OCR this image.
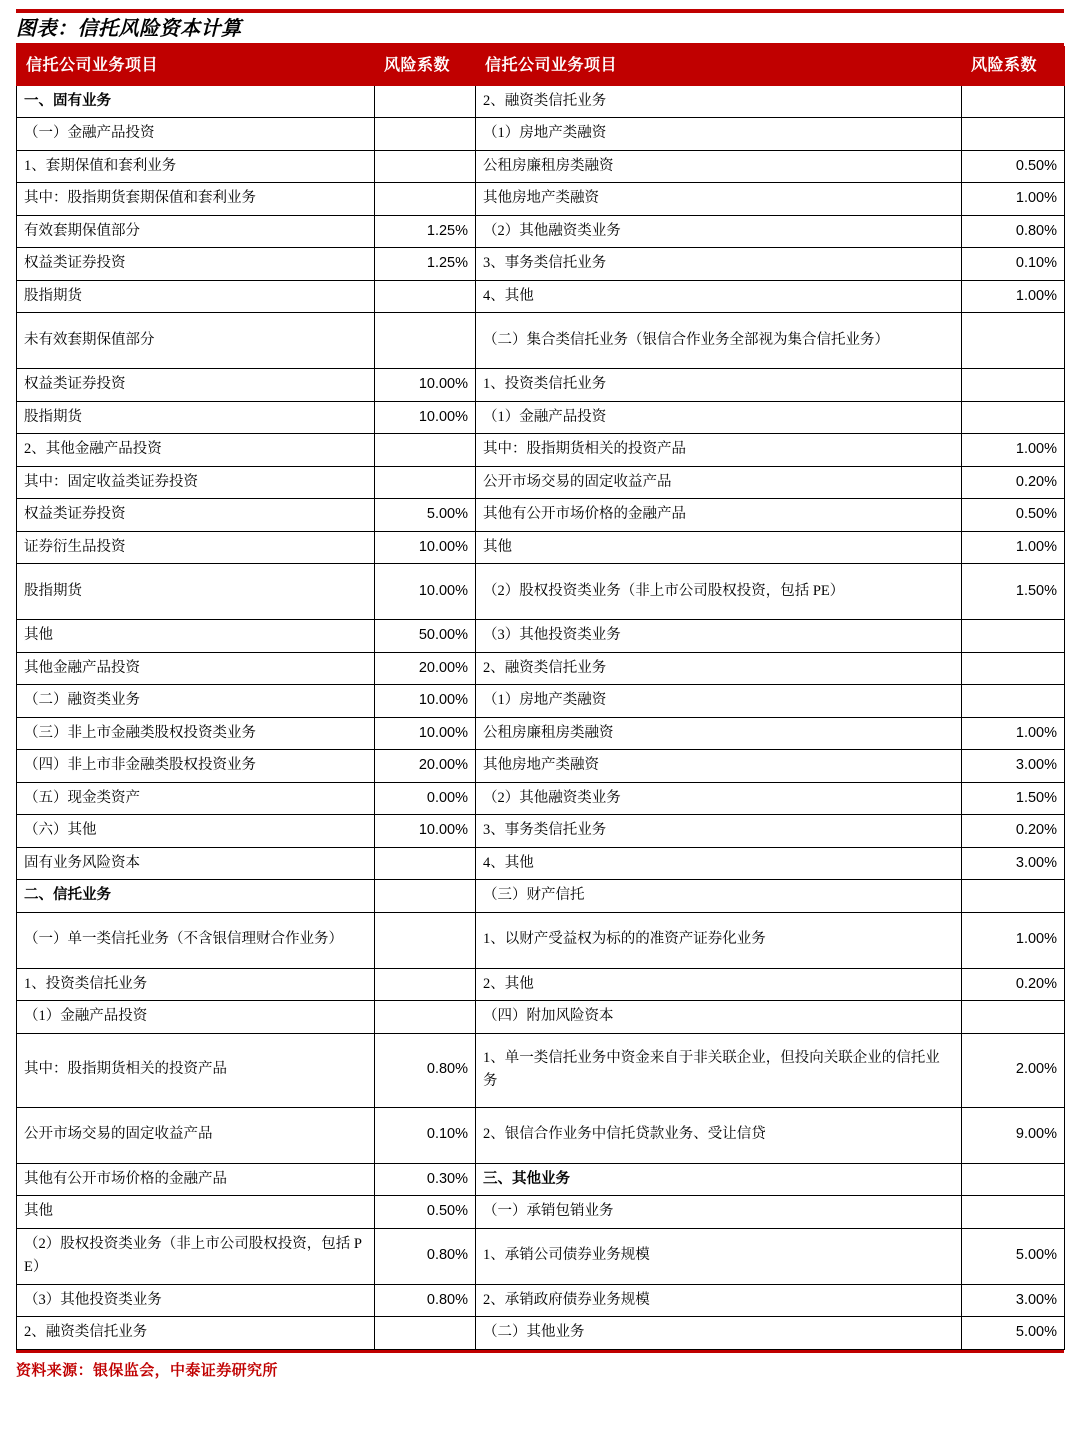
图表：信托风险资本计算
信托公司业务项目	风险系数	信托公司业务项目	风险系数
一、固有业务		2、融资类信托业务	
（一）金融产品投资		（1）房地产类融资	
1、套期保值和套利业务		公租房廉租房类融资	0.50%
其中：股指期货套期保值和套利业务		其他房地产类融资	1.00%
有效套期保值部分	1.25%	（2）其他融资类业务	0.80%
权益类证券投资	1.25%	3、事务类信托业务	0.10%
股指期货		4、其他	1.00%
未有效套期保值部分		（二）集合类信托业务（银信合作业务全部视为集合信托业务）	
权益类证券投资	10.00%	1、投资类信托业务	
股指期货	10.00%	（1）金融产品投资	
2、其他金融产品投资		其中：股指期货相关的投资产品	1.00%
其中：固定收益类证券投资		公开市场交易的固定收益产品	0.20%
权益类证券投资	5.00%	其他有公开市场价格的金融产品	0.50%
证券衍生品投资	10.00%	其他	1.00%
股指期货	10.00%	（2）股权投资类业务（非上市公司股权投资，包括 PE）	1.50%
其他	50.00%	（3）其他投资类业务	
其他金融产品投资	20.00%	2、融资类信托业务	
（二）融资类业务	10.00%	（1）房地产类融资	
（三）非上市金融类股权投资类业务	10.00%	公租房廉租房类融资	1.00%
（四）非上市非金融类股权投资业务	20.00%	其他房地产类融资	3.00%
（五）现金类资产	0.00%	（2）其他融资类业务	1.50%
（六）其他	10.00%	3、事务类信托业务	0.20%
固有业务风险资本		4、其他	3.00%
二、信托业务		（三）财产信托	
（一）单一类信托业务（不含银信理财合作业务）		1、以财产受益权为标的的准资产证券化业务	1.00%
1、投资类信托业务		2、其他	0.20%
（1）金融产品投资		（四）附加风险资本	
其中：股指期货相关的投资产品	0.80%	1、单一类信托业务中资金来自于非关联企业，但投向关联企业的信托业务	2.00%
公开市场交易的固定收益产品	0.10%	2、银信合作业务中信托贷款业务、受让信贷	9.00%
其他有公开市场价格的金融产品	0.30%	三、其他业务	
其他	0.50%	（一）承销包销业务	
（2）股权投资类业务（非上市公司股权投资，包括 PE）	0.80%	1、承销公司债券业务规模	5.00%
（3）其他投资类业务	0.80%	2、承销政府债券业务规模	3.00%
2、融资类信托业务		（二）其他业务	5.00%
资料来源：银保监会，中泰证券研究所
